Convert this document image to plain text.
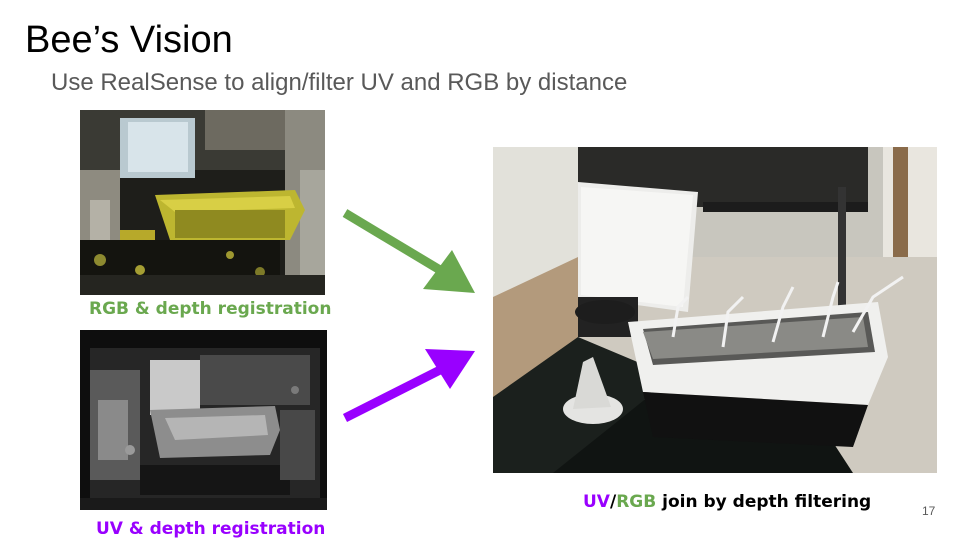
Bee’s Vision
Use RealSense to align/filter UV and RGB by distance
RGB & depth registration
UV & depth registration
UV/RGB join by depth filtering	17
